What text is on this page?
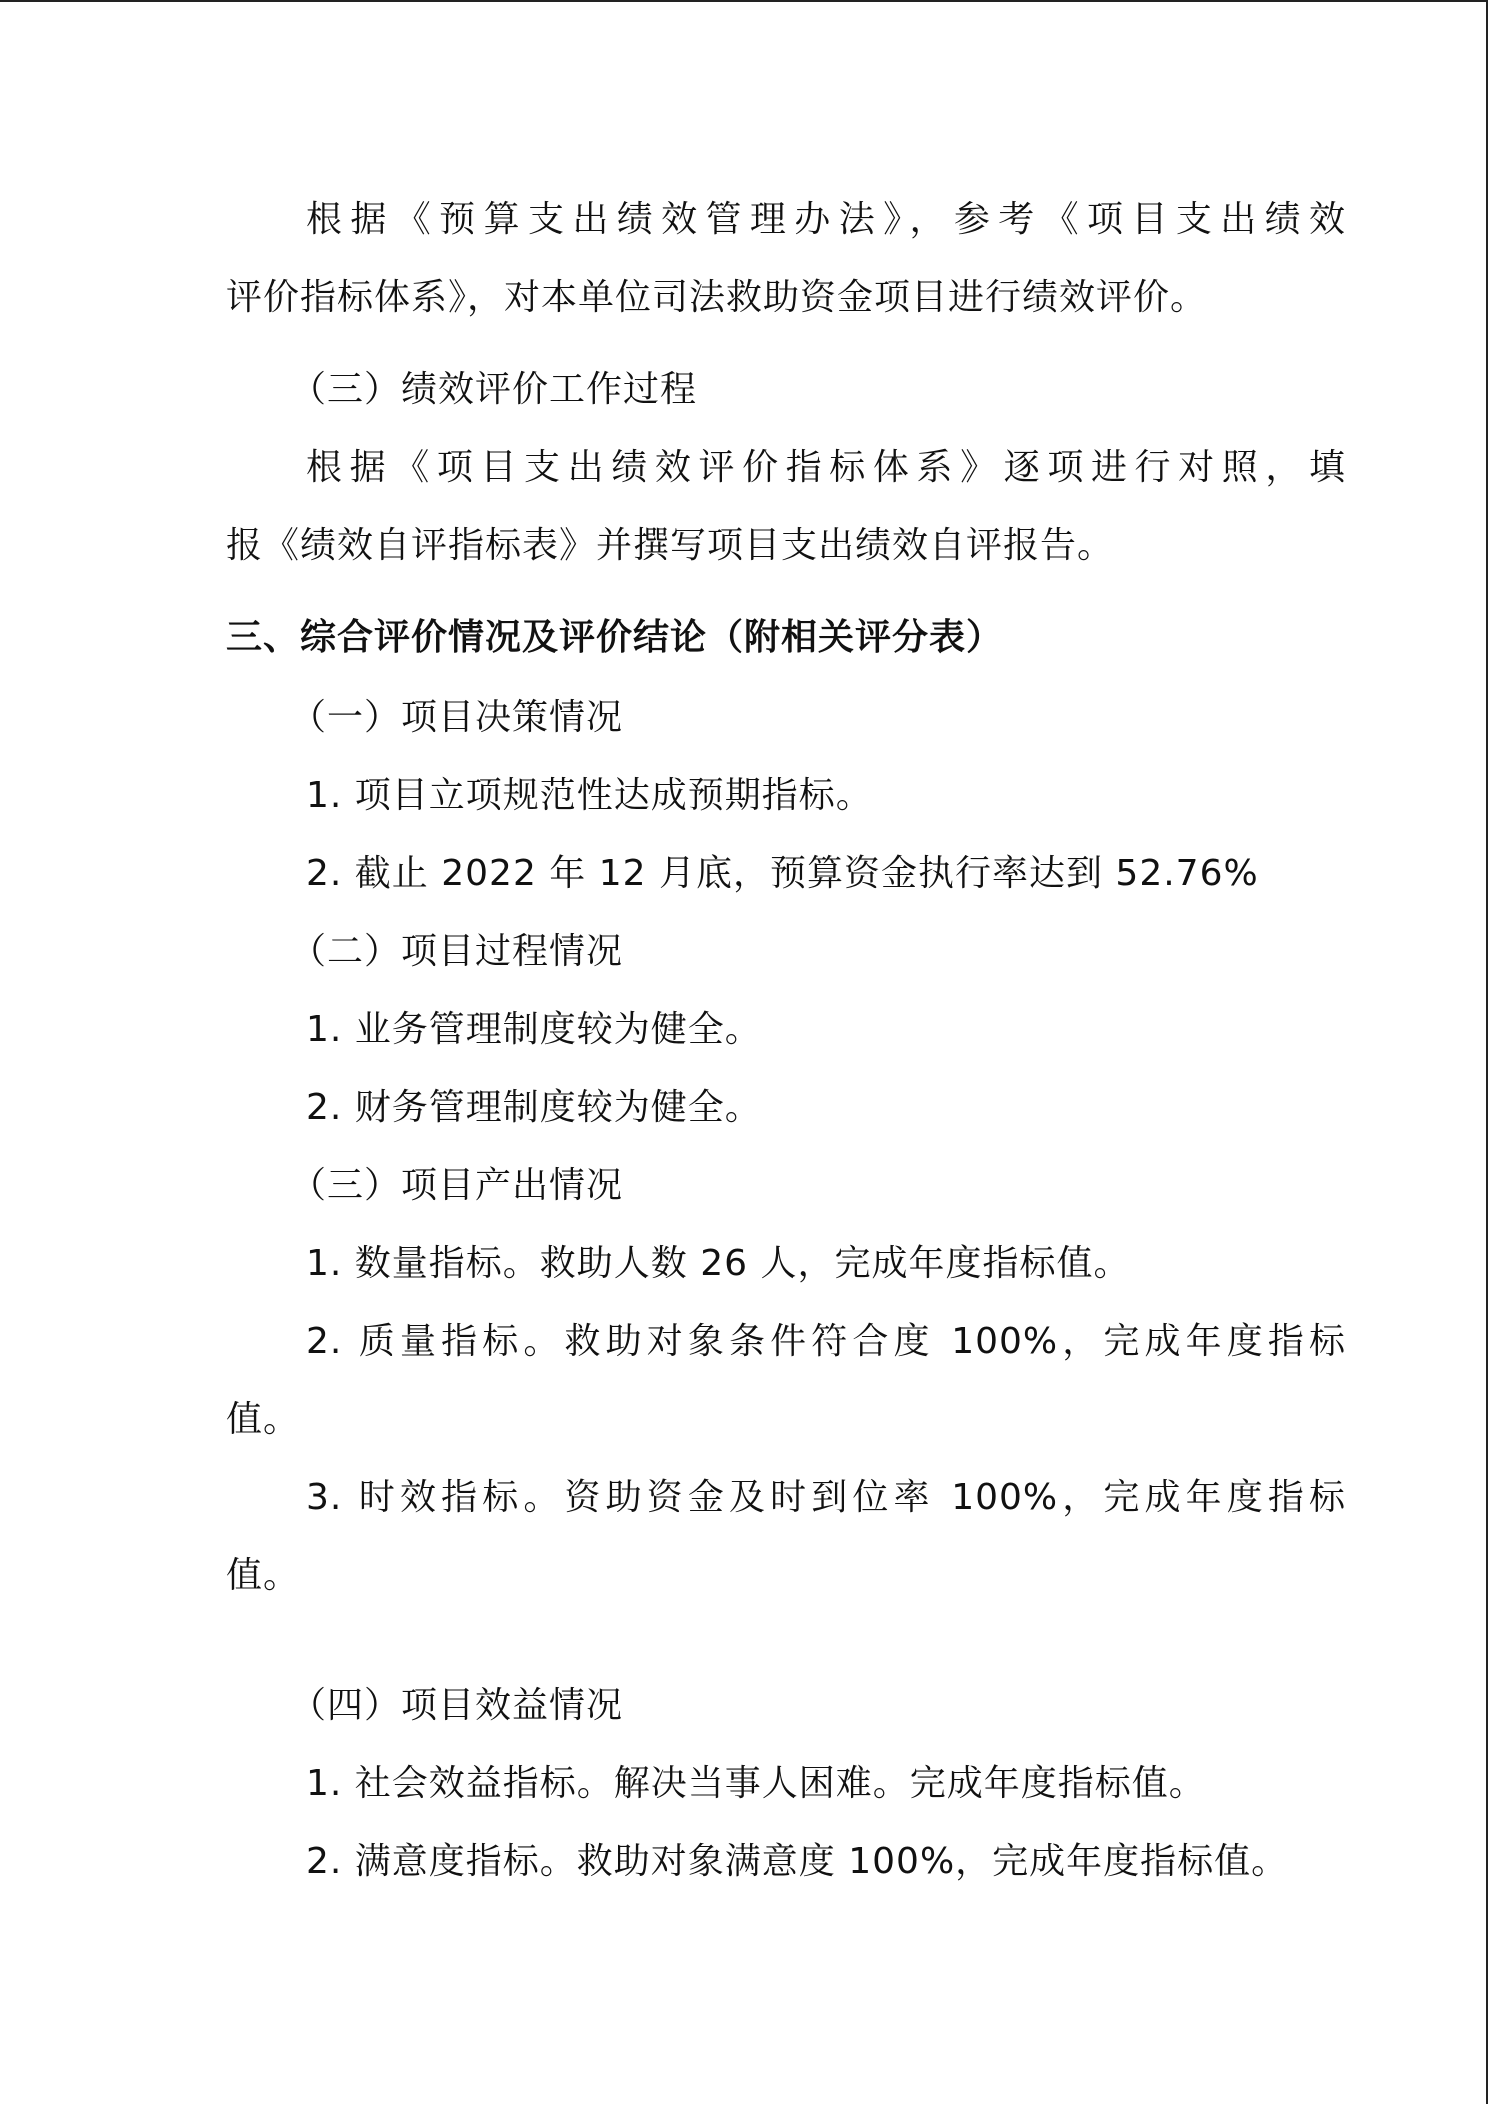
根据《预算支出绩效管理办法》，参考《项目支出绩效
评价指标体系》，对本单位司法救助资金项目进行绩效评价。
（三）绩效评价工作过程
根据《项目支出绩效评价指标体系》逐项进行对照，填
报《绩效自评指标表》并撰写项目支出绩效自评报告。
三、综合评价情况及评价结论（附相关评分表）
（一）项目决策情况
1. 项目立项规范性达成预期指标。
2. 截止 2022 年 12 月底，预算资金执行率达到 52.76%
（二）项目过程情况
1. 业务管理制度较为健全。
2. 财务管理制度较为健全。
（三）项目产出情况
1. 数量指标。救助人数 26 人，完成年度指标值。
2. 质量指标。救助对象条件符合度 100%，完成年度指标
值。
3. 时效指标。资助资金及时到位率 100%，完成年度指标
值。
（四）项目效益情况
1. 社会效益指标。解决当事人困难。完成年度指标值。
2. 满意度指标。救助对象满意度 100%，完成年度指标值。
